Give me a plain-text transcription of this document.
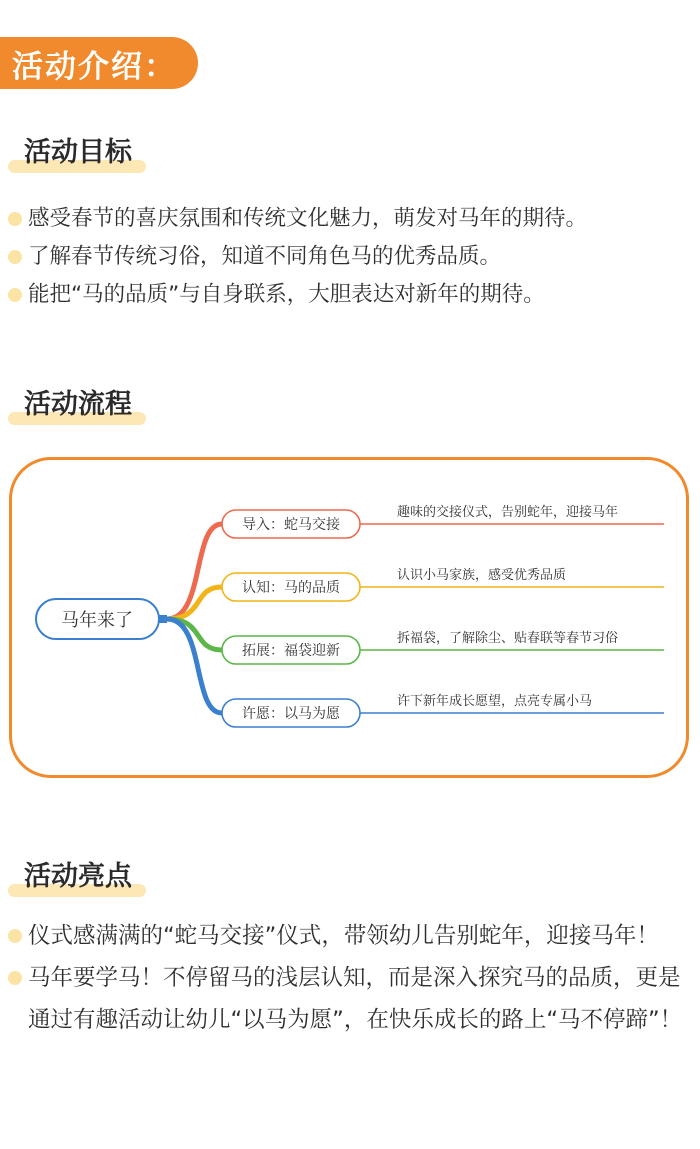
活动介绍：
活动目标
感受春节的喜庆氛围和传统文化魅力，萌发对马年的期待。
了解春节传统习俗，知道不同角色马的优秀品质。
能把“马的品质”与自身联系，大胆表达对新年的期待。
活动流程
马年来了
导入：蛇马交接
趣味的交接仪式，告别蛇年，迎接马年
认知：马的品质
认识小马家族，感受优秀品质
拓展：福袋迎新
拆福袋，了解除尘、贴春联等春节习俗
许愿：以马为愿
许下新年成长愿望，点亮专属小马
活动亮点
仪式感满满的“蛇马交接”仪式，带领幼儿告别蛇年，迎接马年！
马年要学马！不停留马的浅层认知，而是深入探究马的品质，更是通过有趣活动让幼儿“以马为愿”，在快乐成长的路上“马不停蹄”！
